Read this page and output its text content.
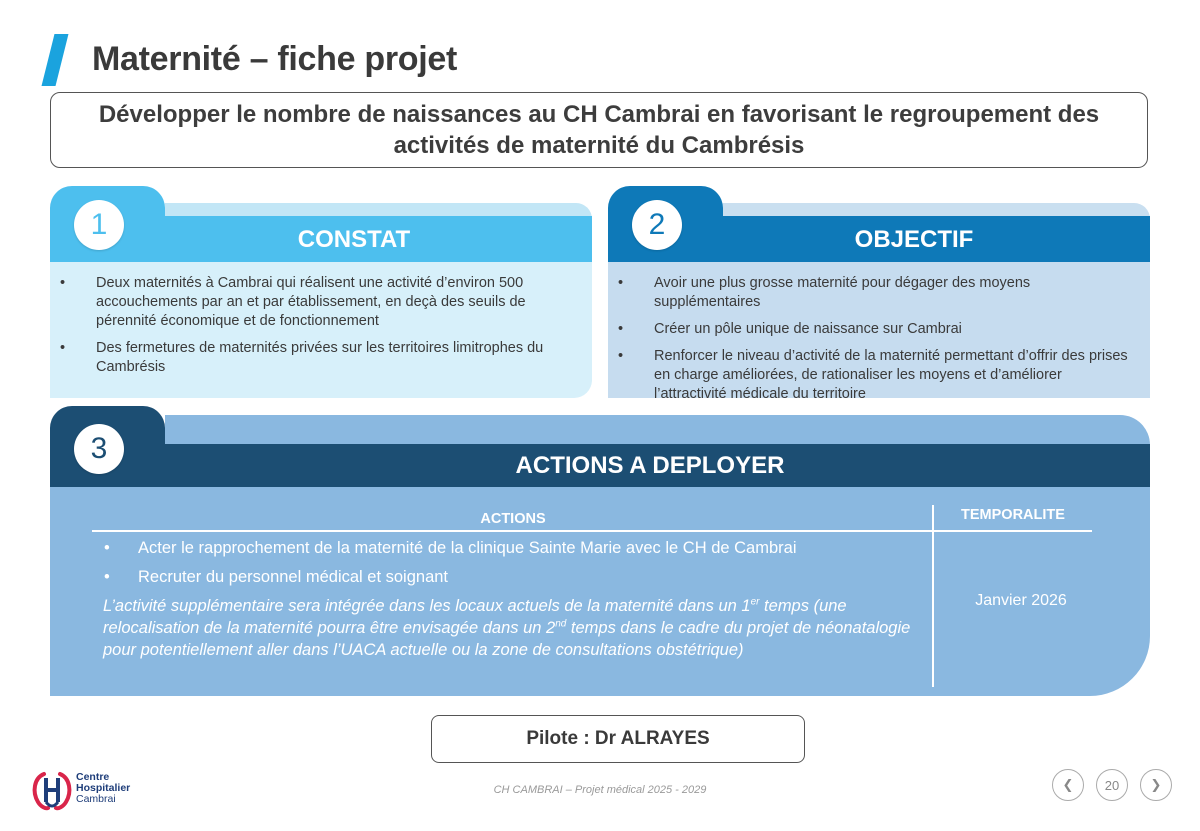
Maternité – fiche projet
Développer le nombre de naissances au CH Cambrai en favorisant le regroupement des activités de maternité du Cambrésis
1	CONSTAT
• Deux maternités à Cambrai qui réalisent une activité d’environ 500 accouchements par an et par établissement, en deçà des seuils de pérennité économique et de fonctionnement
• Des fermetures de maternités privées sur les territoires limitrophes du Cambrésis
2	OBJECTIF
• Avoir une plus grosse maternité pour dégager des moyens supplémentaires
• Créer un pôle unique de naissance sur Cambrai
• Renforcer le niveau d’activité de la maternité permettant d’offrir des prises en charge améliorées, de rationaliser les moyens et d’améliorer l’attractivité médicale du territoire
3
ACTIONS A DEPLOYER
ACTIONS	TEMPORALITE
• Acter le rapprochement de la maternité de la clinique Sainte Marie avec le CH de Cambrai
• Recruter du personnel médical et soignant
L’activité supplémentaire sera intégrée dans les locaux actuels de la maternité dans un 1er temps (une relocalisation de la maternité pourra être envisagée dans un 2nd temps dans le cadre du projet de néonatalogie pour potentiellement aller dans l’UACA actuelle ou la zone de consultations obstétrique)
Janvier 2026
Pilote : Dr ALRAYES
Centre
Hospitalier
Cambrai
CH CAMBRAI – Projet médical 2025 - 2029	❮ 20 ❯
